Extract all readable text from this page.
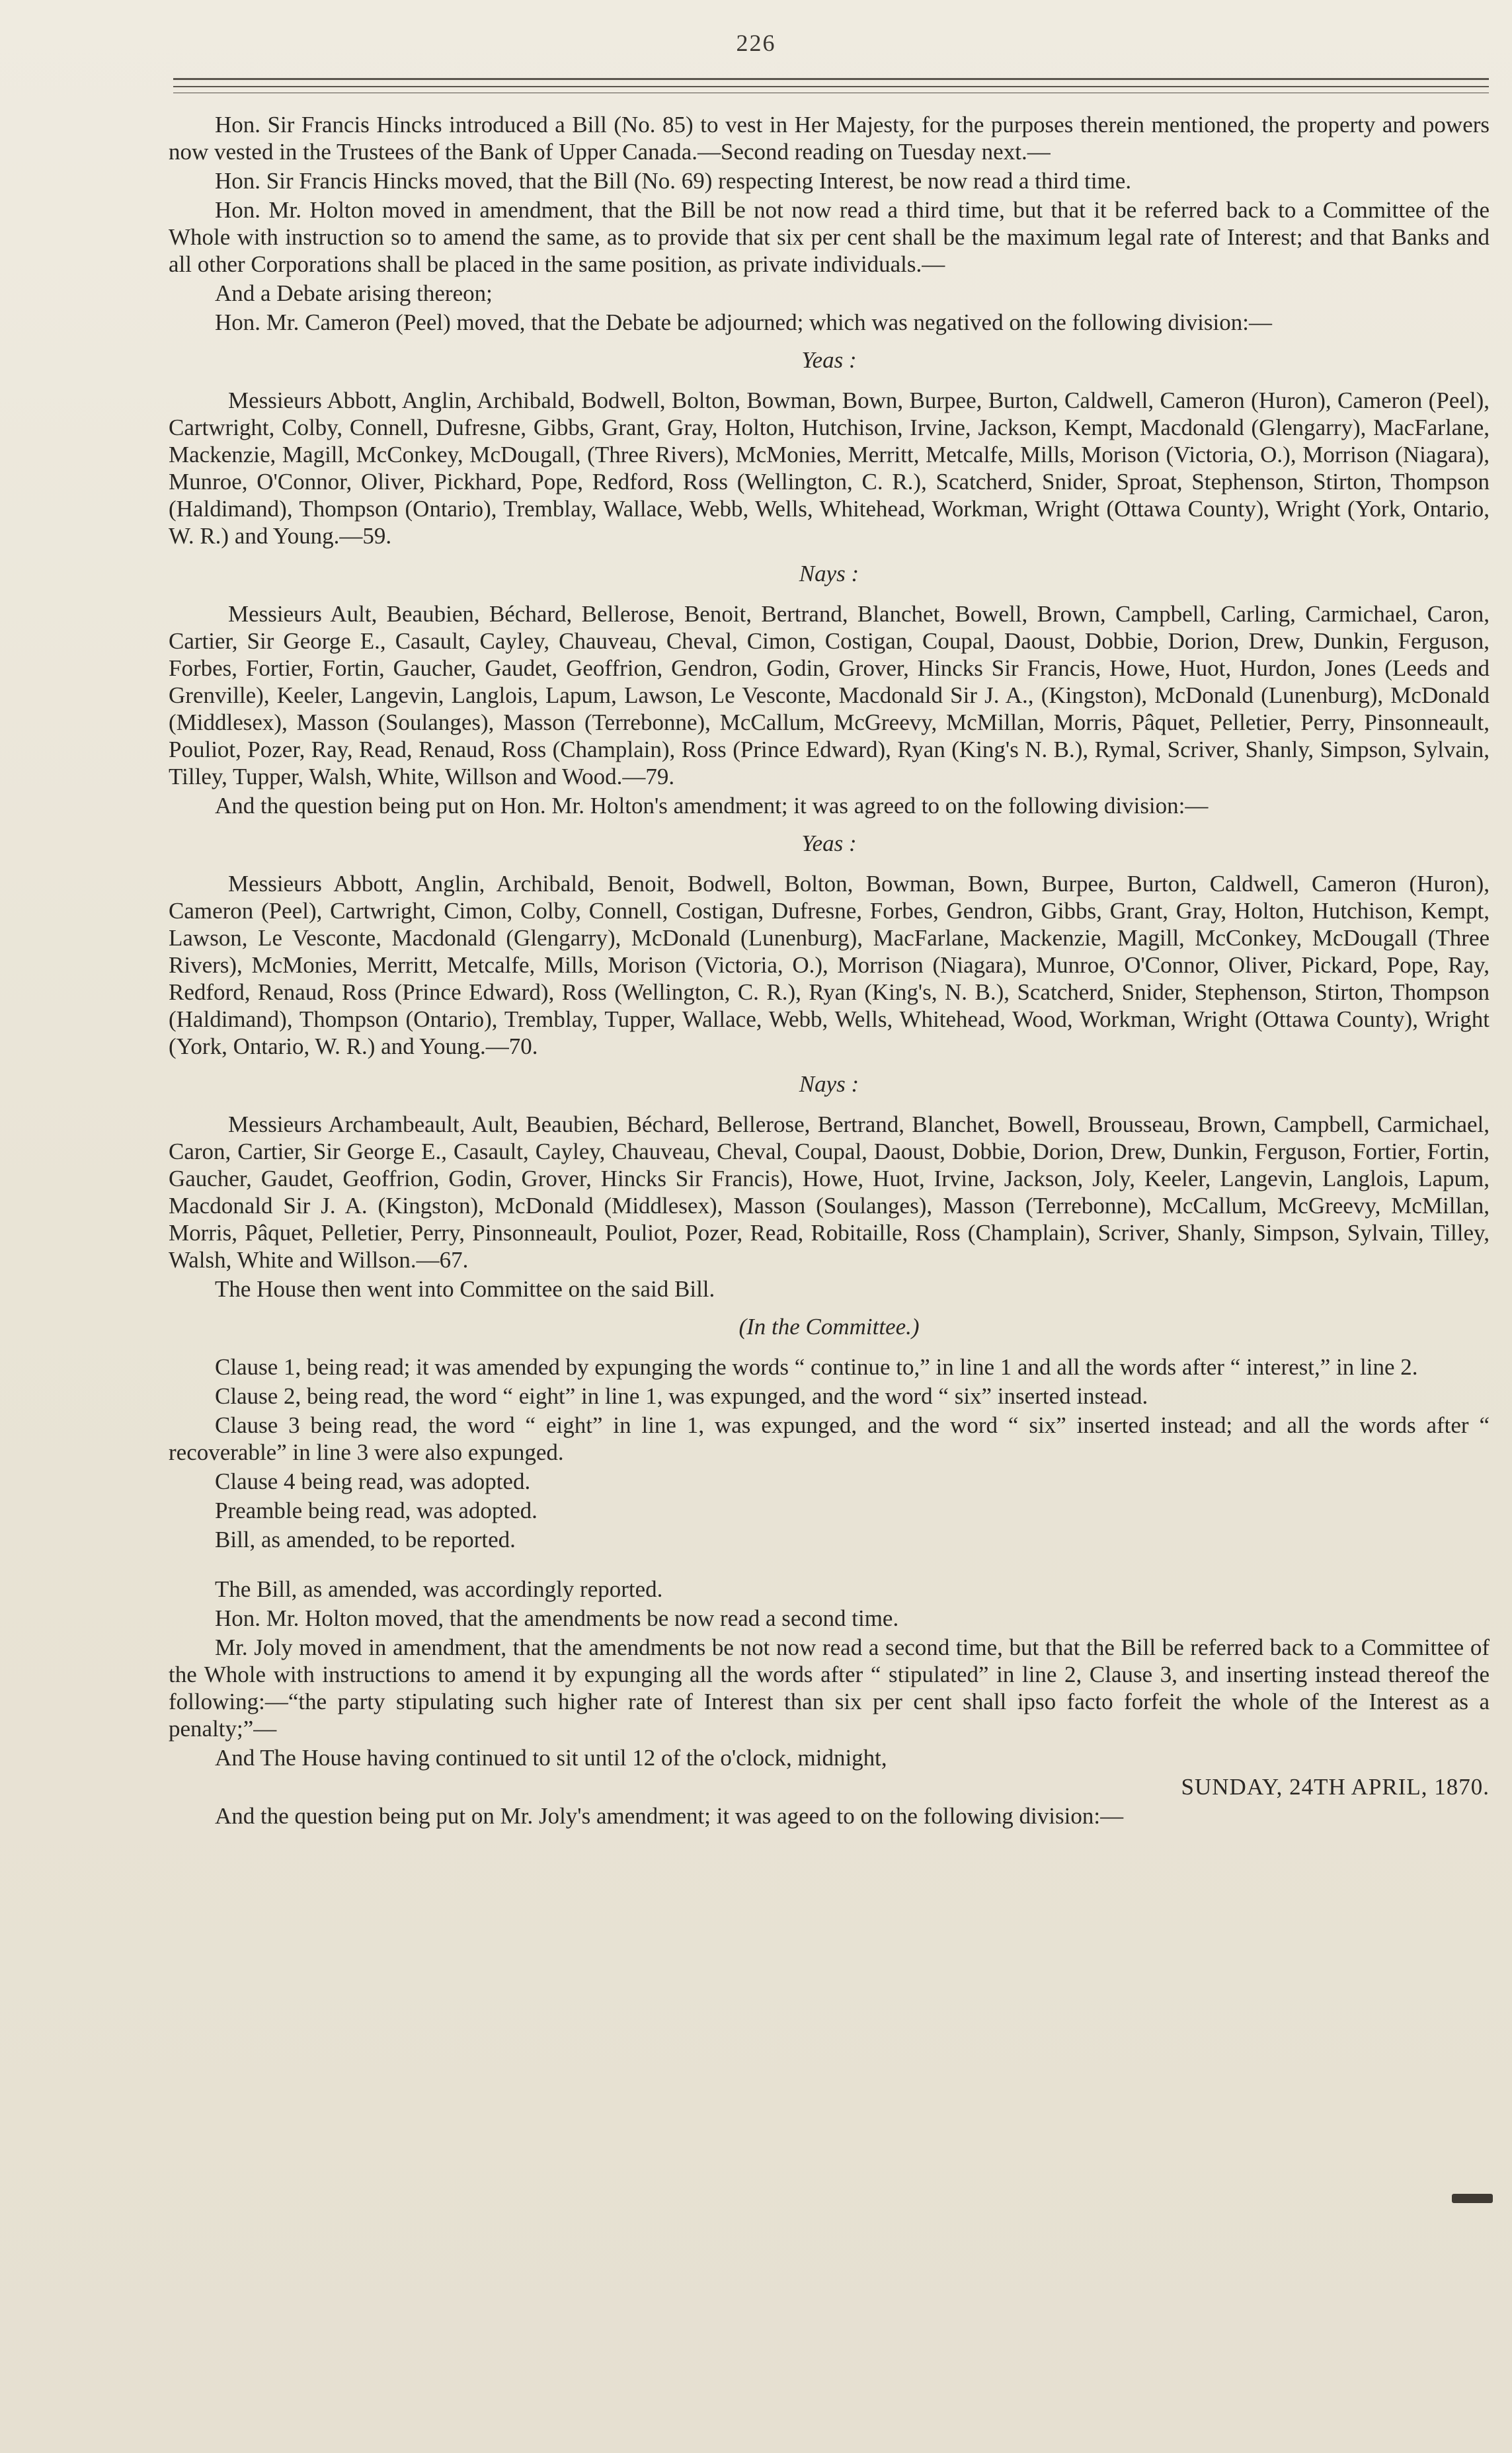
226

Hon. Sir Francis Hincks introduced a Bill (No. 85) to vest in Her Majesty, for the purposes therein mentioned, the property and powers now vested in the Trustees of the Bank of Upper Canada.—Second reading on Tuesday next.—

Hon. Sir Francis Hincks moved, that the Bill (No. 69) respecting Interest, be now read a third time.

Hon. Mr. Holton moved in amendment, that the Bill be not now read a third time, but that it be referred back to a Committee of the Whole with instruction so to amend the same, as to provide that six per cent shall be the maximum legal rate of Interest; and that Banks and all other Corporations shall be placed in the same position, as private individuals.—

And a Debate arising thereon;

Hon. Mr. Cameron (Peel) moved, that the Debate be adjourned; which was negatived on the following division:—

Yeas :

Messieurs Abbott, Anglin, Archibald, Bodwell, Bolton, Bowman, Bown, Burpee, Burton, Caldwell, Cameron (Huron), Cameron (Peel), Cartwright, Colby, Connell, Dufresne, Gibbs, Grant, Gray, Holton, Hutchison, Irvine, Jackson, Kempt, Macdonald (Glengarry), MacFarlane, Mackenzie, Magill, McConkey, McDougall, (Three Rivers), McMonies, Merritt, Metcalfe, Mills, Morison (Victoria, O.), Morrison (Niagara), Munroe, O'Connor, Oliver, Pickhard, Pope, Redford, Ross (Wellington, C. R.), Scatcherd, Snider, Sproat, Stephenson, Stirton, Thompson (Haldimand), Thompson (Ontario), Tremblay, Wallace, Webb, Wells, Whitehead, Workman, Wright (Ottawa County), Wright (York, Ontario, W. R.) and Young.—59.

Nays :

Messieurs Ault, Beaubien, Béchard, Bellerose, Benoit, Bertrand, Blanchet, Bowell, Brown, Campbell, Carling, Carmichael, Caron, Cartier, Sir George E., Casault, Cayley, Chauveau, Cheval, Cimon, Costigan, Coupal, Daoust, Dobbie, Dorion, Drew, Dunkin, Ferguson, Forbes, Fortier, Fortin, Gaucher, Gaudet, Geoffrion, Gendron, Godin, Grover, Hincks Sir Francis, Howe, Huot, Hurdon, Jones (Leeds and Grenville), Keeler, Langevin, Langlois, Lapum, Lawson, Le Vesconte, Macdonald Sir J. A., (Kingston), McDonald (Lunenburg), McDonald (Middlesex), Masson (Soulanges), Masson (Terrebonne), McCallum, McGreevy, McMillan, Morris, Pâquet, Pelletier, Perry, Pinsonneault, Pouliot, Pozer, Ray, Read, Renaud, Ross (Champlain), Ross (Prince Edward), Ryan (King's N. B.), Rymal, Scriver, Shanly, Simpson, Sylvain, Tilley, Tupper, Walsh, White, Willson and Wood.—79.

And the question being put on Hon. Mr. Holton's amendment; it was agreed to on the following division:—

Yeas :

Messieurs Abbott, Anglin, Archibald, Benoit, Bodwell, Bolton, Bowman, Bown, Burpee, Burton, Caldwell, Cameron (Huron), Cameron (Peel), Cartwright, Cimon, Colby, Connell, Costigan, Dufresne, Forbes, Gendron, Gibbs, Grant, Gray, Holton, Hutchison, Kempt, Lawson, Le Vesconte, Macdonald (Glengarry), McDonald (Lunenburg), MacFarlane, Mackenzie, Magill, McConkey, McDougall (Three Rivers), McMonies, Merritt, Metcalfe, Mills, Morison (Victoria, O.), Morrison (Niagara), Munroe, O'Connor, Oliver, Pickard, Pope, Ray, Redford, Renaud, Ross (Prince Edward), Ross (Wellington, C. R.), Ryan (King's, N. B.), Scatcherd, Snider, Stephenson, Stirton, Thompson (Haldimand), Thompson (Ontario), Tremblay, Tupper, Wallace, Webb, Wells, Whitehead, Wood, Workman, Wright (Ottawa County), Wright (York, Ontario, W. R.) and Young.—70.

Nays :

Messieurs Archambeault, Ault, Beaubien, Béchard, Bellerose, Bertrand, Blanchet, Bowell, Brousseau, Brown, Campbell, Carmichael, Caron, Cartier, Sir George E., Casault, Cayley, Chauveau, Cheval, Coupal, Daoust, Dobbie, Dorion, Drew, Dunkin, Ferguson, Fortier, Fortin, Gaucher, Gaudet, Geoffrion, Godin, Grover, Hincks Sir Francis), Howe, Huot, Irvine, Jackson, Joly, Keeler, Langevin, Langlois, Lapum, Macdonald Sir J. A. (Kingston), McDonald (Middlesex), Masson (Soulanges), Masson (Terrebonne), McCallum, McGreevy, McMillan, Morris, Pâquet, Pelletier, Perry, Pinsonneault, Pouliot, Pozer, Read, Robitaille, Ross (Champlain), Scriver, Shanly, Simpson, Sylvain, Tilley, Walsh, White and Willson.—67.

The House then went into Committee on the said Bill.

(In the Committee.)

Clause 1, being read; it was amended by expunging the words “ continue to,” in line 1 and all the words after “ interest,” in line 2.

Clause 2, being read, the word “ eight” in line 1, was expunged, and the word “ six” inserted instead.

Clause 3 being read, the word “ eight” in line 1, was expunged, and the word “ six” inserted instead; and all the words after “ recoverable” in line 3 were also expunged.

Clause 4 being read, was adopted.

Preamble being read, was adopted.

Bill, as amended, to be reported.

The Bill, as amended, was accordingly reported.

Hon. Mr. Holton moved, that the amendments be now read a second time.

Mr. Joly moved in amendment, that the amendments be not now read a second time, but that the Bill be referred back to a Committee of the Whole with instructions to amend it by expunging all the words after “ stipulated” in line 2, Clause 3, and inserting instead thereof the following:—“the party stipulating such higher rate of Interest than six per cent shall ipso facto forfeit the whole of the Interest as a penalty;”—

And The House having continued to sit until 12 of the o'clock, midnight,

SUNDAY, 24TH APRIL, 1870.

And the question being put on Mr. Joly's amendment; it was ageed to on the following division:—
